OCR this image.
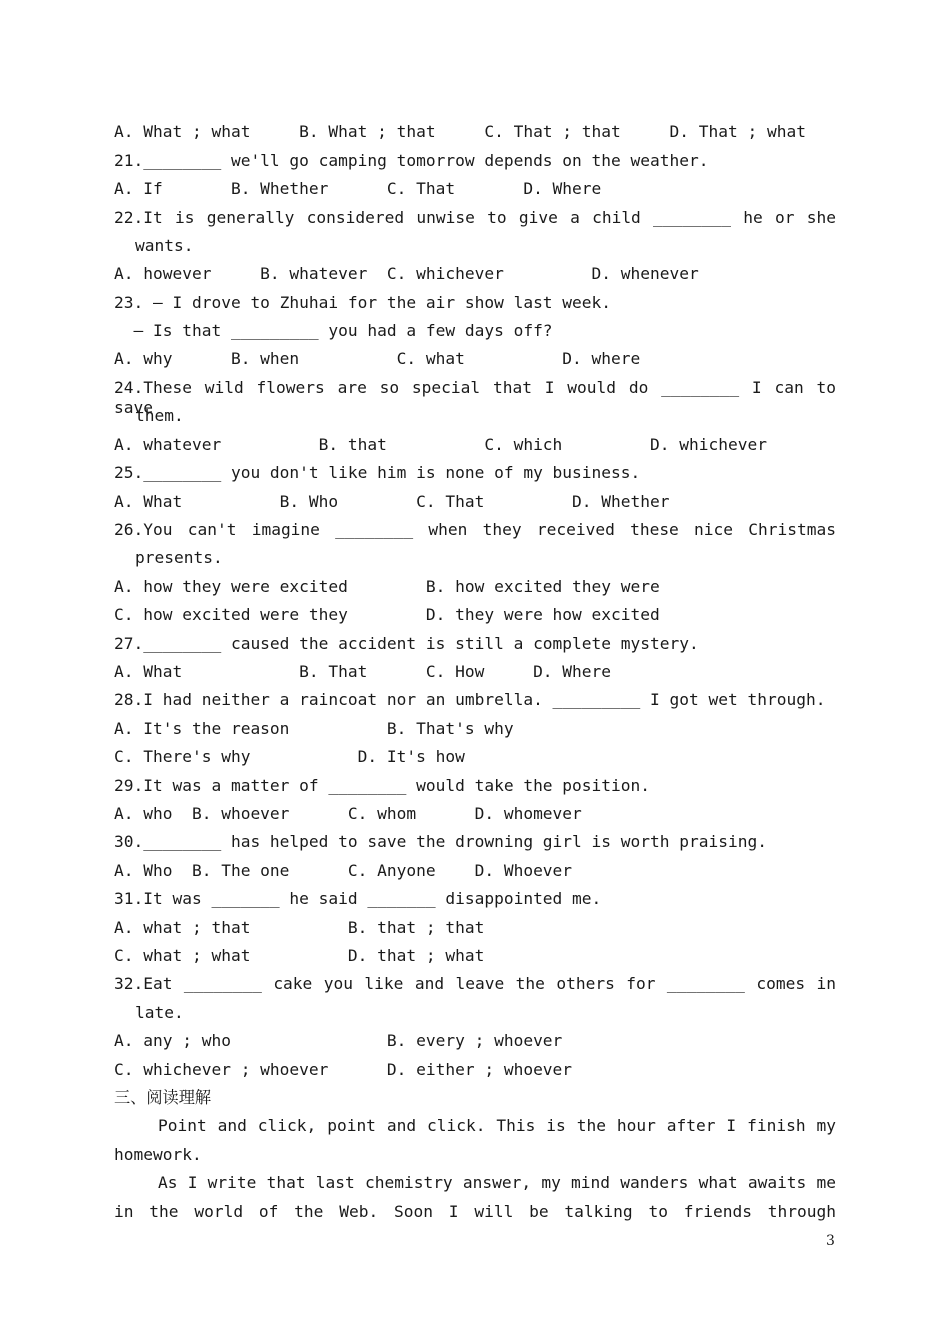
A. What ; what     B. What ; that     C. That ; that     D. That ; what
21.________ we'll go camping tomorrow depends on the weather.
A. If       B. Whether      C. That       D. Where
22.It is generally considered unwise to give a child ________ he or she
wants.
A. however     B. whatever  C. whichever         D. whenever
23. — I drove to Zhuhai for the air show last week.
— Is that _________ you had a few days off?
A. why      B. when          C. what          D. where
24.These wild flowers are so special that I would do ________ I can to save
them.
A. whatever          B. that          C. which         D. whichever
25.________ you don't like him is none of my business.
A. What          B. Who        C. That         D. Whether
26.You can't imagine ________ when they received these nice Christmas
presents.
A. how they were excited        B. how excited they were
C. how excited were they        D. they were how excited
27.________ caused the accident is still a complete mystery.
A. What            B. That      C. How     D. Where
28.I had neither a raincoat nor an umbrella. _________ I got wet through.
A. It's the reason          B. That's why
C. There's why           D. It's how
29.It was a matter of ________ would take the position.
A. who  B. whoever      C. whom      D. whomever
30.________ has helped to save the drowning girl is worth praising.
A. Who  B. The one      C. Anyone    D. Whoever
31.It was _______ he said _______ disappointed me.
A. what ; that          B. that ; that
C. what ; what          D. that ; what
32.Eat ________ cake you like and leave the others for ________ comes in
late.
A. any ; who                B. every ; whoever
C. whichever ; whoever      D. either ; whoever
三、阅读理解
Point and click, point and click. This is the hour after I finish my
homework.
As I write that last chemistry answer, my mind wanders what awaits me
in the world of the Web. Soon I will be talking to friends through
3
